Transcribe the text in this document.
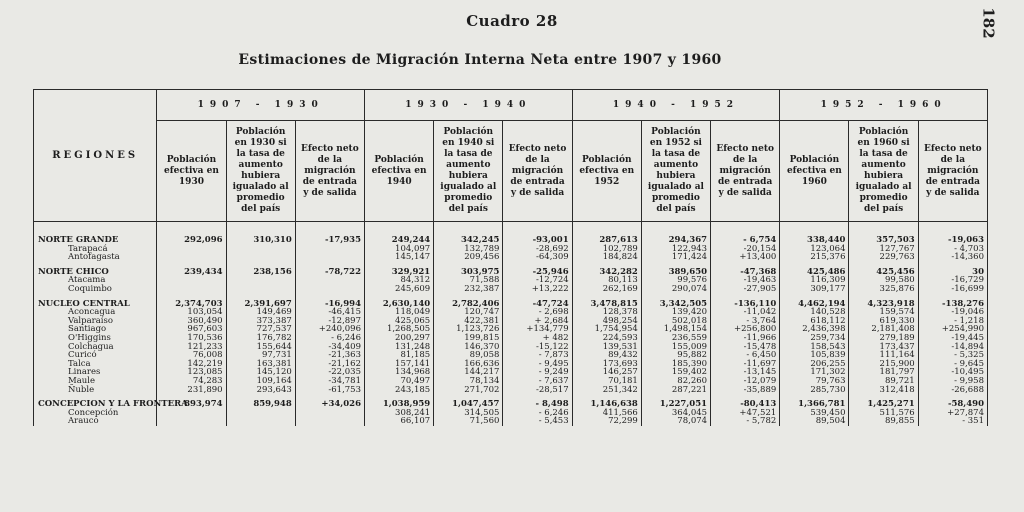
182
Cuadro 28
Estimaciones de Migración Interna Neta entre 1907 y 1960
REGIONES	1907 - 1930			1930 - 1940			1940 - 1952			1952 - 1960		
	Población efectiva en 1930	Población en 1930 si la tasa de aumento hubiera igualado al promedio del país	Efecto neto de la migración de entrada y de salida	Población efectiva en 1940	Población en 1940 si la tasa de aumento hubiera igualado al promedio del país	Efecto neto de la migración de entrada y de salida	Población efectiva en 1952	Población en 1952 si la tasa de aumento hubiera igualado al promedio del país	Efecto neto de la migración de entrada y de salida	Población efectiva en 1960	Población en 1960 si la tasa de aumento hubiera igualado al promedio del país	Efecto neto de la migración de entrada y de salida
NORTE GRANDE	292,096	310,310	-17,935	249,244	342,245	-93,001	287,613	294,367	- 6,754	338,440	357,503	-19,063
Tarapacá				104,097	132,789	-28,692	102,789	122,943	-20,154	123,064	127,767	- 4,703
Antofagasta				145,147	209,456	-64,309	184,824	171,424	+13,400	215,376	229,763	-14,360
NORTE CHICO	239,434	238,156	-78,722	329,921	303,975	-25,946	342,282	389,650	-47,368	425,486	425,456	30
Atacama				84,312	71,588	-12,724	80,113	99,576	-19,463	116,309	99,580	-16,729
Coquimbo				245,609	232,387	+13,222	262,169	290,074	-27,905	309,177	325,876	-16,699
NUCLEO CENTRAL	2,374,703	2,391,697	-16,994	2,630,140	2,782,406	-47,724	3,478,815	3,342,505	-136,110	4,462,194	4,323,918	-138,276
Aconcagua	103,054	149,469	-46,415	118,049	120,747	- 2,698	128,378	139,420	-11,042	140,528	159,574	-19,046
Valparaíso	360,490	373,387	-12,897	425,065	422,381	+ 2,684	498,254	502,018	- 3,764	618,112	619,330	- 1,218
Santiago	967,603	727,537	+240,096	1,268,505	1,123,726	+134,779	1,754,954	1,498,154	+256,800	2,436,398	2,181,408	+254,990
O'Higgins	170,536	176,782	- 6,246	200,297	199,815	+ 482	224,593	236,559	-11,966	259,734	279,189	-19,445
Colchagua	121,233	155,644	-34,409	131,248	146,370	-15,122	139,531	155,009	-15,478	158,543	173,437	-14,894
Curicó	76,008	97,731	-21,363	81,185	89,058	- 7,873	89,432	95,882	- 6,450	105,839	111,164	- 5,325
Talca	142,219	163,381	-21,162	157,141	166,636	- 9,495	173,693	185,390	-11,697	206,255	215,900	- 9,645
Linares	123,085	145,120	-22,035	134,968	144,217	- 9,249	146,257	159,402	-13,145	171,302	181,797	-10,495
Maule	74,283	109,164	-34,781	70,497	78,134	- 7,637	70,181	82,260	-12,079	79,763	89,721	- 9,958
Ñuble	231,890	293,643	-61,753	243,185	271,702	-28,517	251,342	287,221	-35,889	285,730	312,418	-26,688
CONCEPCION Y LA FRONTERA	893,974	859,948	+34,026	1,038,959	1,047,457	- 8,498	1,146,638	1,227,051	-80,413	1,366,781	1,425,271	-58,490
Concepción				308,241	314,505	- 6,246	411,566	364,045	+47,521	539,450	511,576	+27,874
Arauco				66,107	71,560	- 5,453	72,299	78,074	- 5,782	89,504	89,855	- 351
